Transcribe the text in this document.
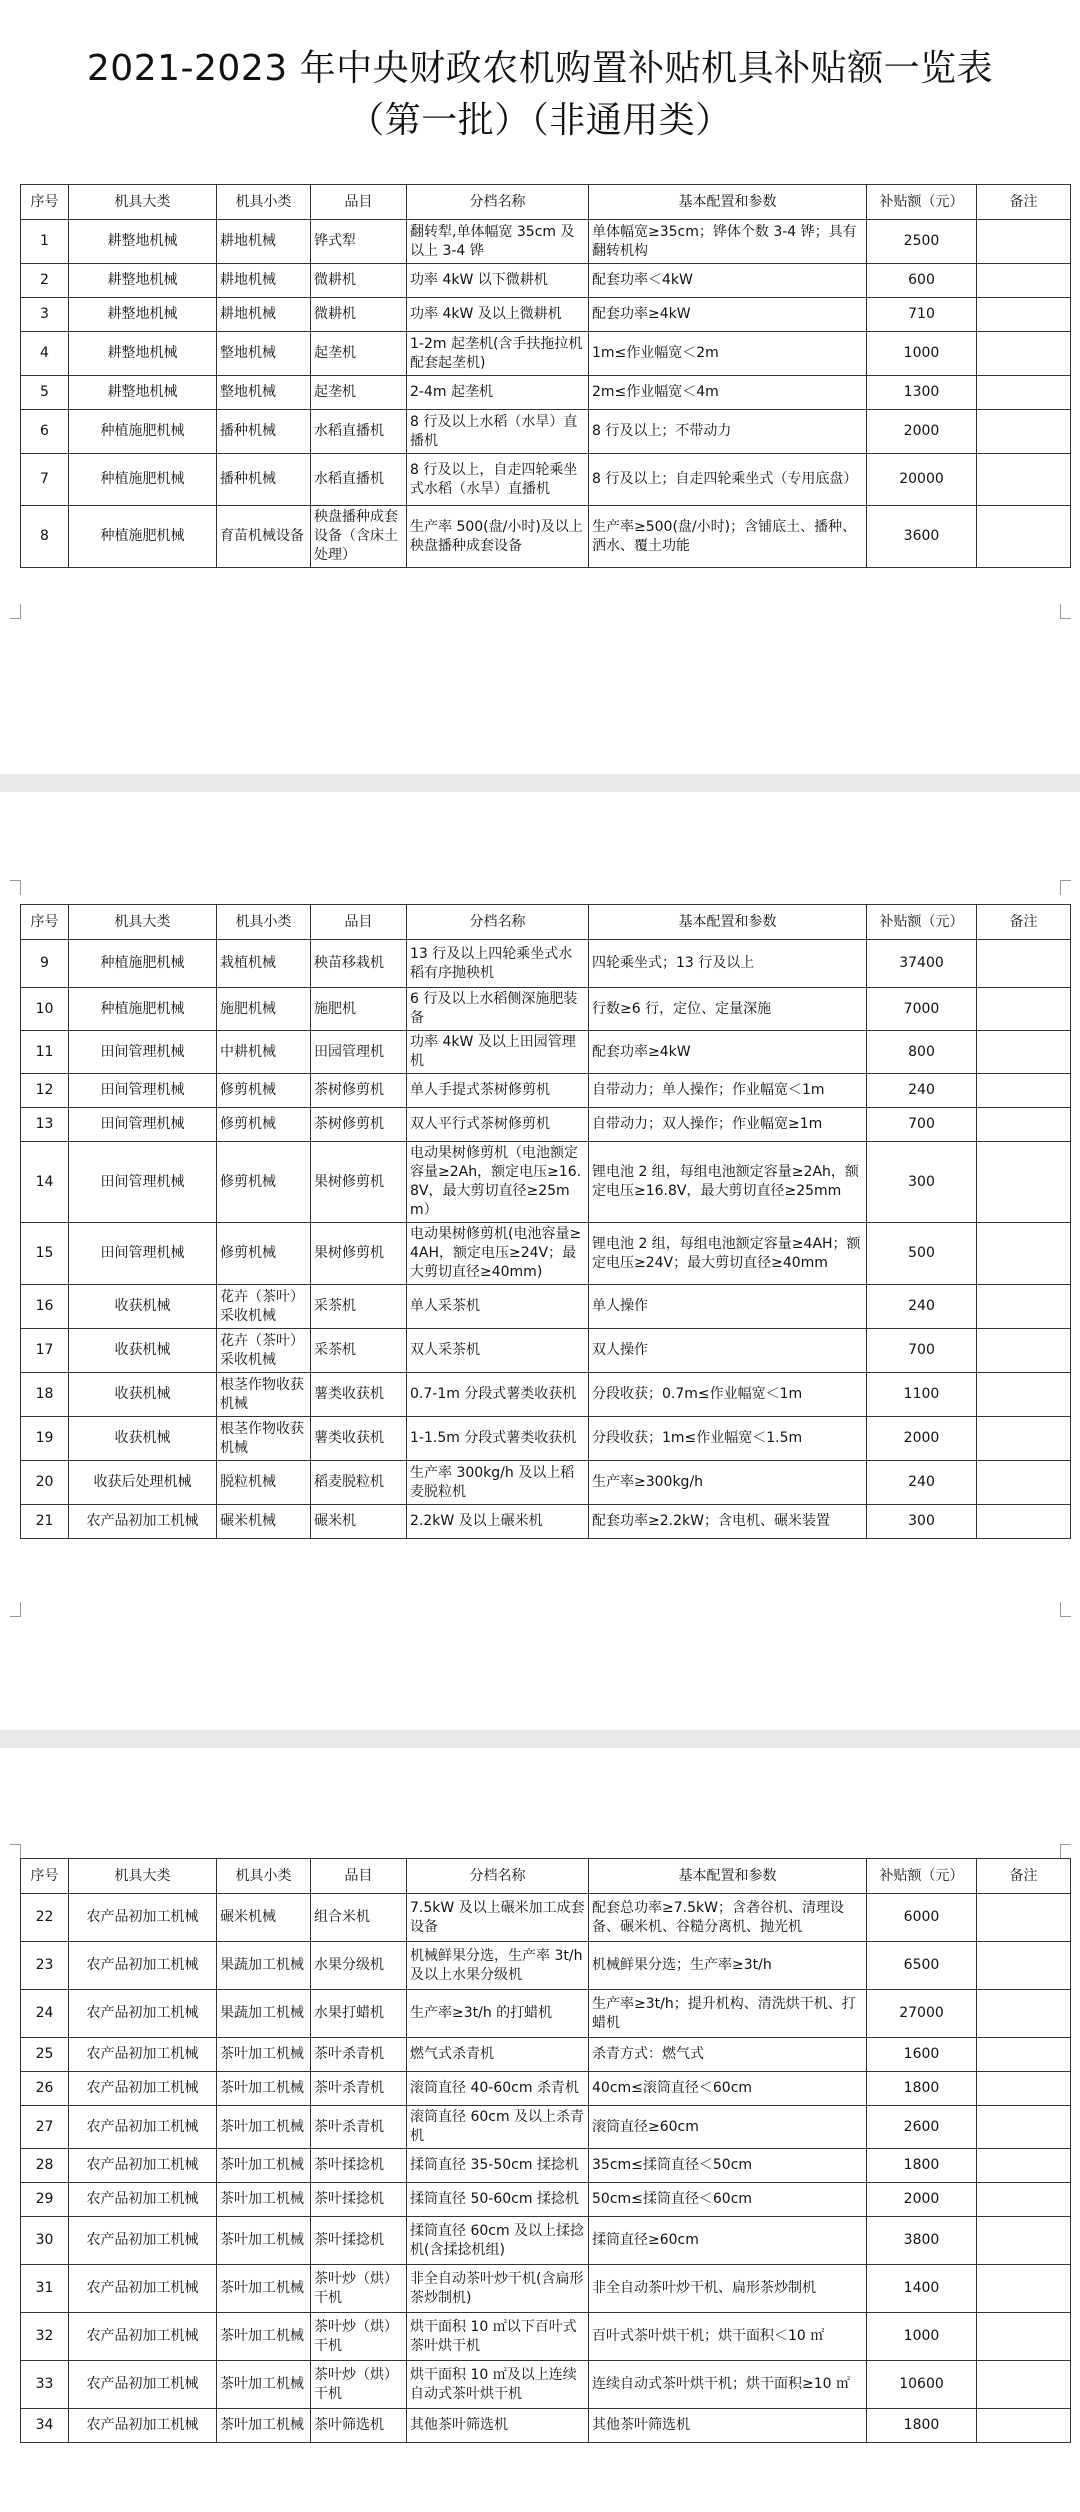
2021-2023 年中央财政农机购置补贴机具补贴额一览表
（第一批）（非通用类）
序号	机具大类	机具小类	品目	分档名称	基本配置和参数	补贴额（元）	备注
1	耕整地机械	耕地机械	铧式犁	翻转犁,单体幅宽 35cm 及以上 3-4 铧	单体幅宽≥35cm；铧体个数 3-4 铧；具有翻转机构	2500	
2	耕整地机械	耕地机械	微耕机	功率 4kW 以下微耕机	配套功率＜4kW	600	
3	耕整地机械	耕地机械	微耕机	功率 4kW 及以上微耕机	配套功率≥4kW	710	
4	耕整地机械	整地机械	起垄机	1-2m 起垄机(含手扶拖拉机配套起垄机)	1m≤作业幅宽＜2m	1000	
5	耕整地机械	整地机械	起垄机	2-4m 起垄机	2m≤作业幅宽＜4m	1300	
6	种植施肥机械	播种机械	水稻直播机	8 行及以上水稻（水旱）直播机	8 行及以上；不带动力	2000	
7	种植施肥机械	播种机械	水稻直播机	8 行及以上，自走四轮乘坐式水稻（水旱）直播机	8 行及以上；自走四轮乘坐式（专用底盘）	20000	
8	种植施肥机械	育苗机械设备	秧盘播种成套设备（含床土处理）	生产率 500(盘/小时)及以上秧盘播种成套设备	生产率≥500(盘/小时)；含铺底土、播种、洒水、覆土功能	3600	
序号	机具大类	机具小类	品目	分档名称	基本配置和参数	补贴额（元）	备注
9	种植施肥机械	栽植机械	秧苗移栽机	13 行及以上四轮乘坐式水稻有序抛秧机	四轮乘坐式；13 行及以上	37400	
10	种植施肥机械	施肥机械	施肥机	6 行及以上水稻侧深施肥装备	行数≥6 行，定位、定量深施	7000	
11	田间管理机械	中耕机械	田园管理机	功率 4kW 及以上田园管理机	配套功率≥4kW	800	
12	田间管理机械	修剪机械	茶树修剪机	单人手提式茶树修剪机	自带动力；单人操作；作业幅宽＜1m	240	
13	田间管理机械	修剪机械	茶树修剪机	双人平行式茶树修剪机	自带动力；双人操作；作业幅宽≥1m	700	
14	田间管理机械	修剪机械	果树修剪机	电动果树修剪机（电池额定容量≥2Ah，额定电压≥16.8V，最大剪切直径≥25mm）	锂电池 2 组，每组电池额定容量≥2Ah，额定电压≥16.8V，最大剪切直径≥25mm	300	
15	田间管理机械	修剪机械	果树修剪机	电动果树修剪机(电池容量≥4AH，额定电压≥24V；最大剪切直径≥40mm)	锂电池 2 组，每组电池额定容量≥4AH；额定电压≥24V；最大剪切直径≥40mm	500	
16	收获机械	花卉（茶叶）采收机械	采茶机	单人采茶机	单人操作	240	
17	收获机械	花卉（茶叶）采收机械	采茶机	双人采茶机	双人操作	700	
18	收获机械	根茎作物收获机械	薯类收获机	0.7-1m 分段式薯类收获机	分段收获；0.7m≤作业幅宽＜1m	1100	
19	收获机械	根茎作物收获机械	薯类收获机	1-1.5m 分段式薯类收获机	分段收获；1m≤作业幅宽＜1.5m	2000	
20	收获后处理机械	脱粒机械	稻麦脱粒机	生产率 300kg/h 及以上稻麦脱粒机	生产率≥300kg/h	240	
21	农产品初加工机械	碾米机械	碾米机	2.2kW 及以上碾米机	配套功率≥2.2kW；含电机、碾米装置	300	
序号	机具大类	机具小类	品目	分档名称	基本配置和参数	补贴额（元）	备注
22	农产品初加工机械	碾米机械	组合米机	7.5kW 及以上碾米加工成套设备	配套总功率≥7.5kW；含砻谷机、清理设备、碾米机、谷糙分离机、抛光机	6000	
23	农产品初加工机械	果蔬加工机械	水果分级机	机械鲜果分选，生产率 3t/h 及以上水果分级机	机械鲜果分选；生产率≥3t/h	6500	
24	农产品初加工机械	果蔬加工机械	水果打蜡机	生产率≥3t/h 的打蜡机	生产率≥3t/h；提升机构、清洗烘干机、打蜡机	27000	
25	农产品初加工机械	茶叶加工机械	茶叶杀青机	燃气式杀青机	杀青方式：燃气式	1600	
26	农产品初加工机械	茶叶加工机械	茶叶杀青机	滚筒直径 40-60cm 杀青机	40cm≤滚筒直径＜60cm	1800	
27	农产品初加工机械	茶叶加工机械	茶叶杀青机	滚筒直径 60cm 及以上杀青机	滚筒直径≥60cm	2600	
28	农产品初加工机械	茶叶加工机械	茶叶揉捻机	揉筒直径 35-50cm 揉捻机	35cm≤揉筒直径＜50cm	1800	
29	农产品初加工机械	茶叶加工机械	茶叶揉捻机	揉筒直径 50-60cm 揉捻机	50cm≤揉筒直径＜60cm	2000	
30	农产品初加工机械	茶叶加工机械	茶叶揉捻机	揉筒直径 60cm 及以上揉捻机(含揉捻机组)	揉筒直径≥60cm	3800	
31	农产品初加工机械	茶叶加工机械	茶叶炒（烘）干机	非全自动茶叶炒干机(含扁形茶炒制机)	非全自动茶叶炒干机、扁形茶炒制机	1400	
32	农产品初加工机械	茶叶加工机械	茶叶炒（烘）干机	烘干面积 10 ㎡以下百叶式茶叶烘干机	百叶式茶叶烘干机；烘干面积＜10 ㎡	1000	
33	农产品初加工机械	茶叶加工机械	茶叶炒（烘）干机	烘干面积 10 ㎡及以上连续自动式茶叶烘干机	连续自动式茶叶烘干机；烘干面积≥10 ㎡	10600	
34	农产品初加工机械	茶叶加工机械	茶叶筛选机	其他茶叶筛选机	其他茶叶筛选机	1800	
